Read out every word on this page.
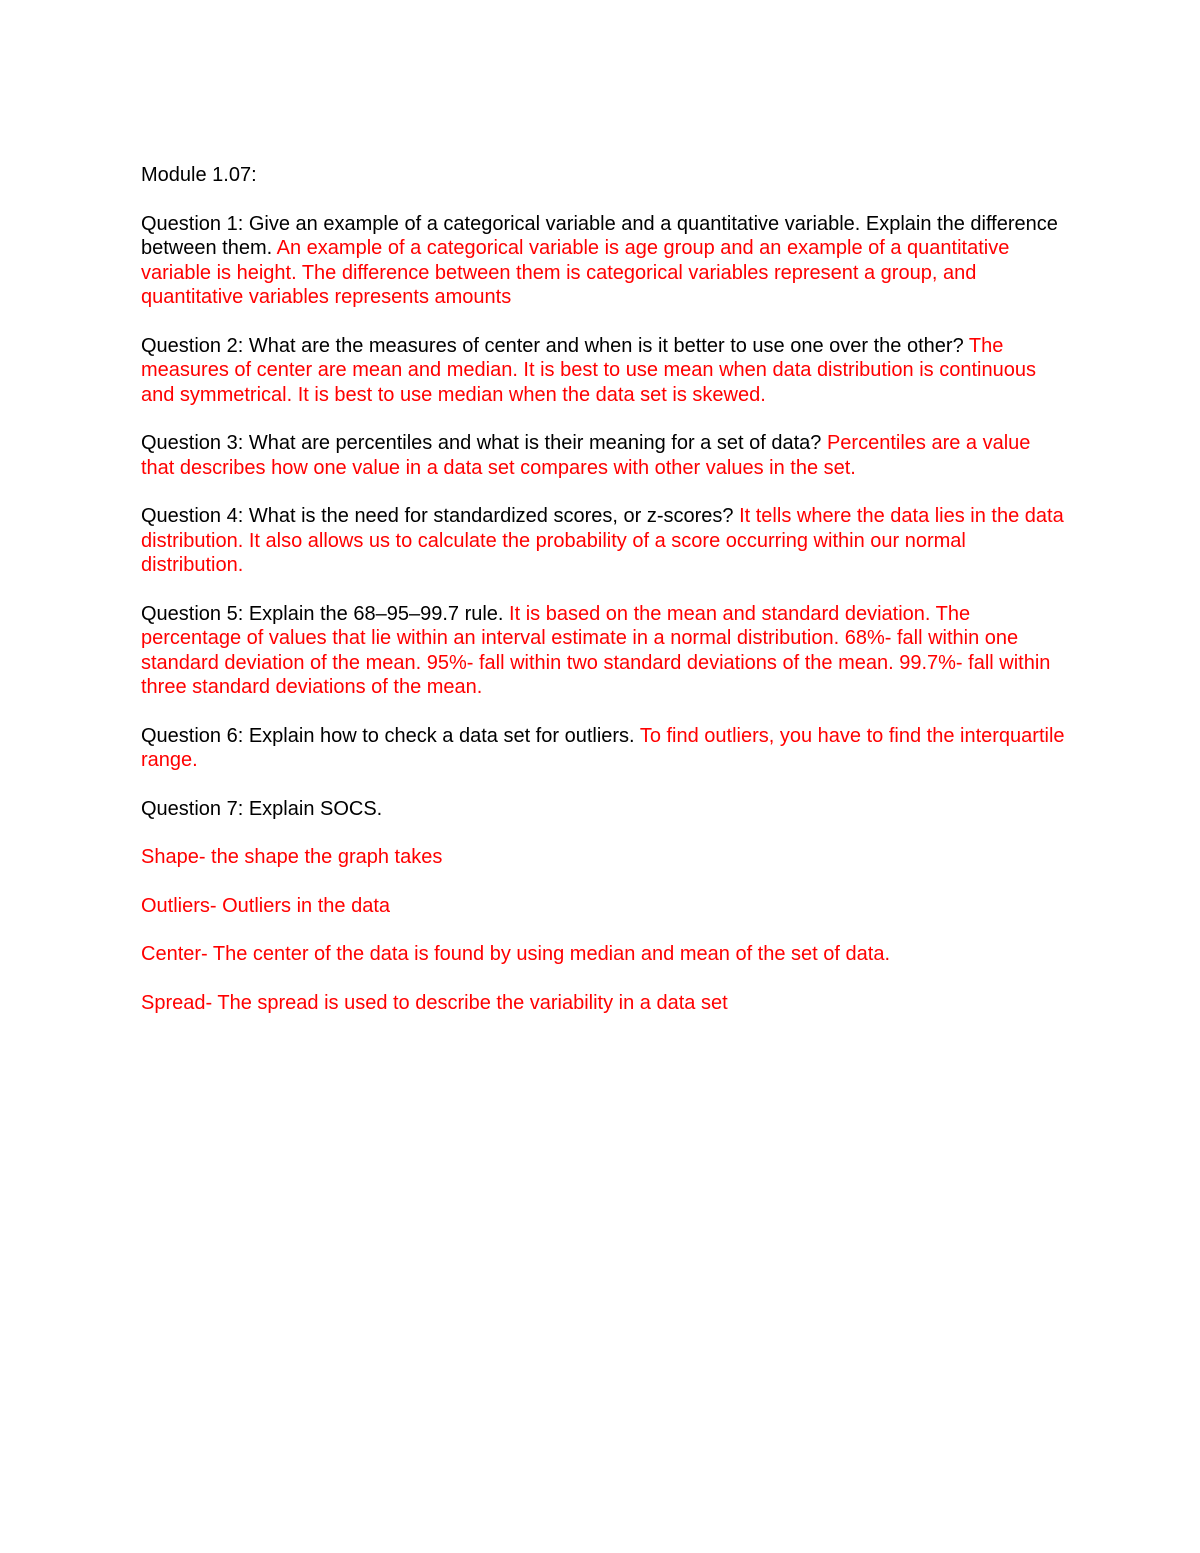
Module 1.07:

Question 1: Give an example of a categorical variable and a quantitative variable. Explain the difference between them. An example of a categorical variable is age group and an example of a quantitative variable is height. The difference between them is categorical variables represent a group, and quantitative variables represents amounts

Question 2: What are the measures of center and when is it better to use one over the other? The measures of center are mean and median. It is best to use mean when data distribution is continuous and symmetrical. It is best to use median when the data set is skewed.

Question 3: What are percentiles and what is their meaning for a set of data? Percentiles are a value that describes how one value in a data set compares with other values in the set.

Question 4: What is the need for standardized scores, or z-scores? It tells where the data lies in the data distribution. It also allows us to calculate the probability of a score occurring within our normal distribution.

Question 5: Explain the 68–95–99.7 rule. It is based on the mean and standard deviation. The percentage of values that lie within an interval estimate in a normal distribution. 68%- fall within one standard deviation of the mean. 95%- fall within two standard deviations of the mean. 99.7%- fall within three standard deviations of the mean.

Question 6: Explain how to check a data set for outliers. To find outliers, you have to find the interquartile range.

Question 7: Explain SOCS.

Shape- the shape the graph takes

Outliers- Outliers in the data

Center- The center of the data is found by using median and mean of the set of data.

Spread- The spread is used to describe the variability in a data set
